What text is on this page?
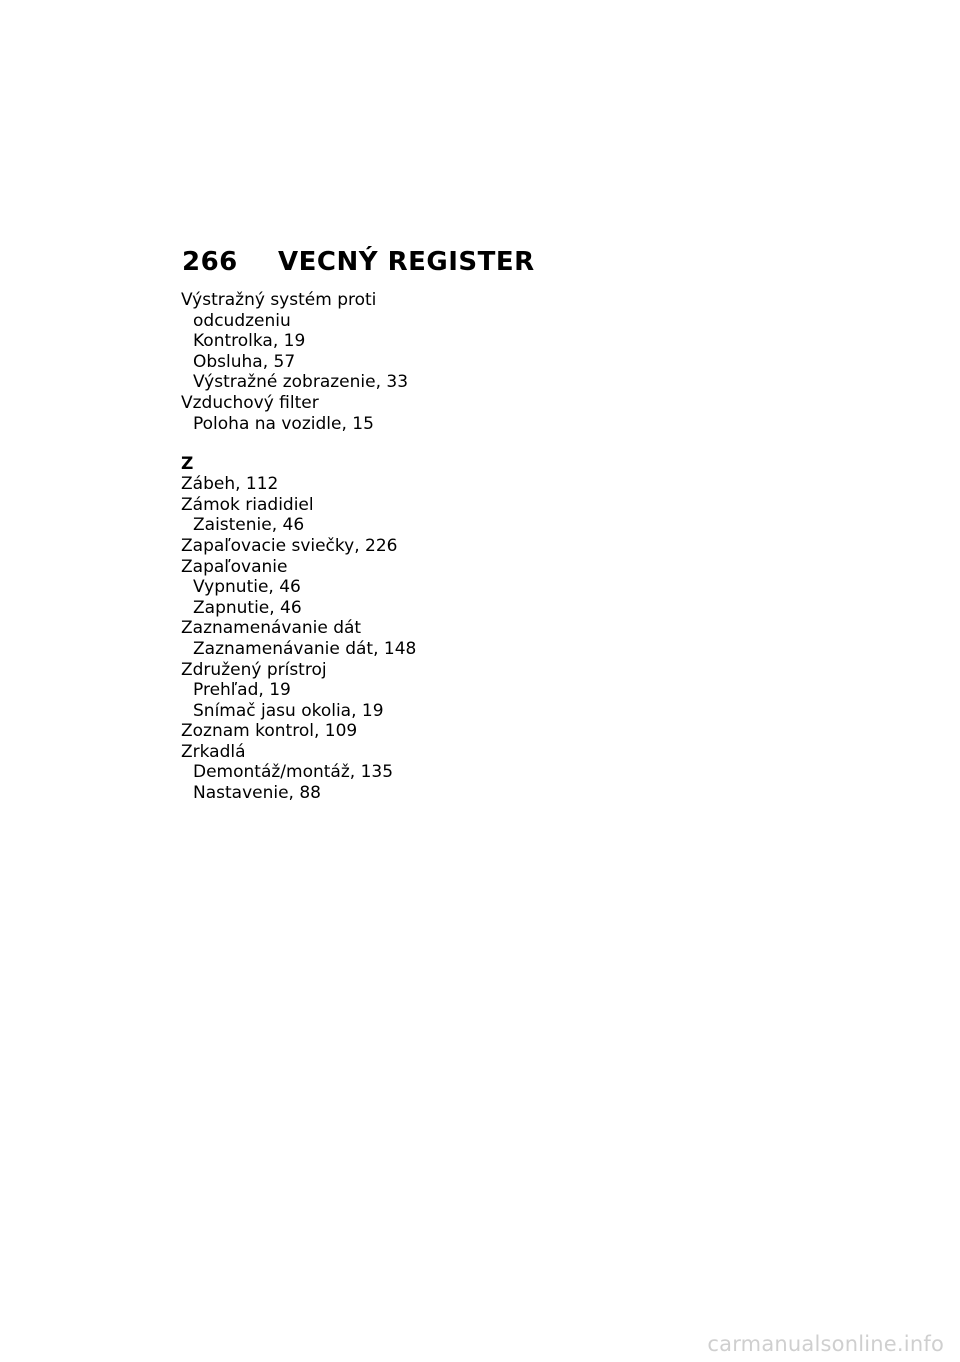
266	VECNÝ REGISTER
Výstražný systém proti
odcudzeniu
Kontrolka, 19
Obsluha, 57
Výstražné zobrazenie, 33
Vzduchový filter
Poloha na vozidle, 15
Z
Zábeh, 112
Zámok riadidiel
Zaistenie, 46
Zapaľovacie sviečky, 226
Zapaľovanie
Vypnutie, 46
Zapnutie, 46
Zaznamenávanie dát
Zaznamenávanie dát, 148
Združený prístroj
Prehľad, 19
Snímač jasu okolia, 19
Zoznam kontrol, 109
Zrkadlá
Demontáž/montáž, 135
Nastavenie, 88
carmanualsonline.info
